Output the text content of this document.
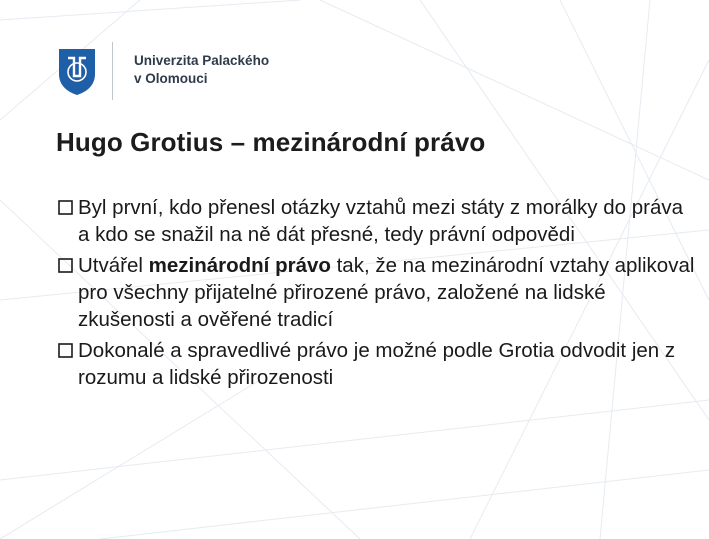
Univerzita Palackého
v Olomouci
Hugo Grotius – mezinárodní právo
Byl první, kdo přenesl otázky vztahů mezi státy z morálky do práva a kdo se snažil na ně dát přesné, tedy právní odpovědi
Utvářel mezinárodní právo tak, že na mezinárodní vztahy aplikoval pro všechny přijatelné přirozené právo, založené na lidské zkušenosti a ověřené tradicí
Dokonalé a spravedlivé právo je možné podle Grotia odvodit jen z rozumu a lidské přirozenosti
